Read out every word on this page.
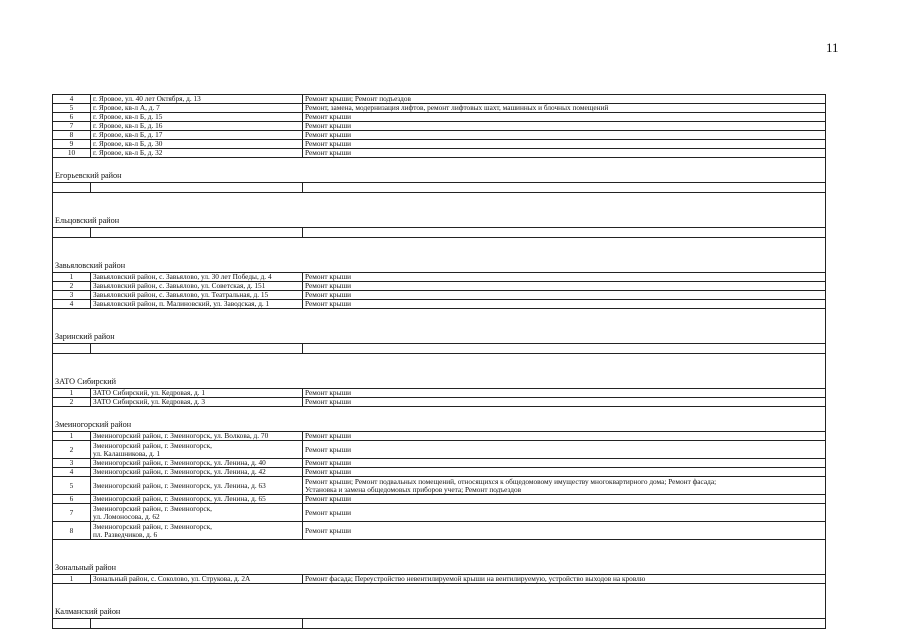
11
4	г. Яровое, ул. 40 лет Октября, д. 13	Ремонт крыши; Ремонт подъездов
5	г. Яровое, кв-л А, д. 7	Ремонт, замена, модернизация лифтов, ремонт лифтовых шахт, машинных и блочных помещений
6	г. Яровое, кв-л Б, д. 15	Ремонт крыши
7	г. Яровое, кв-л Б, д. 16	Ремонт крыши
8	г. Яровое, кв-л Б, д. 17	Ремонт крыши
9	г. Яровое, кв-л Б, д. 30	Ремонт крыши
10	г. Яровое, кв-л Б, д. 32	Ремонт крыши
Егорьевский район		

Ельцовский район		

Завьяловский район		
1	Завьяловский район, с. Завьялово, ул. 30 лет Победы, д. 4	Ремонт крыши
2	Завьяловский район, с. Завьялово, ул. Советская, д. 151	Ремонт крыши
3	Завьяловский район, с. Завьялово, ул. Театральная, д. 15	Ремонт крыши
4	Завьяловский район, п. Малиновский, ул. Заводская, д. 1	Ремонт крыши

Заринский район		

ЗАТО Сибирский		
1	ЗАТО Сибирский, ул. Кедровая, д. 1	Ремонт крыши
2	ЗАТО Сибирский, ул. Кедровая, д. 3	Ремонт крыши
Змеиногорский район		
1	Змеиногорский район, г. Змеиногорск, ул. Волкова, д. 70	Ремонт крыши
2	Змеиногорский район, г. Змеиногорск,
ул. Калашникова, д. 1	Ремонт крыши
3	Змеиногорский район, г. Змеиногорск, ул. Ленина, д. 40	Ремонт крыши
4	Змеиногорский район, г. Змеиногорск, ул. Ленина, д. 42	Ремонт крыши
5	Змеиногорский район, г. Змеиногорск, ул. Ленина, д. 63	Ремонт крыши; Ремонт подвальных помещений, относящихся к общедомовому имуществу многоквартирного дома; Ремонт фасада;
Установка и замена общедомовых приборов учета; Ремонт подъездов

6	Змеиногорский район, г. Змеиногорск, ул. Ленина, д. 65	Ремонт крыши
7	Змеиногорский район, г. Змеиногорск,
ул. Ломоносова, д. 62	Ремонт крыши
8	Змеиногорский район, г. Змеиногорск,
пл. Разведчиков, д. 6	Ремонт крыши

Зональный район		
1	Зональный район, с. Соколово, ул. Струкова, д. 2А	Ремонт фасада; Переустройство невентилируемой крыши на вентилируемую, устройство выходов на кровлю

Калманский район		
